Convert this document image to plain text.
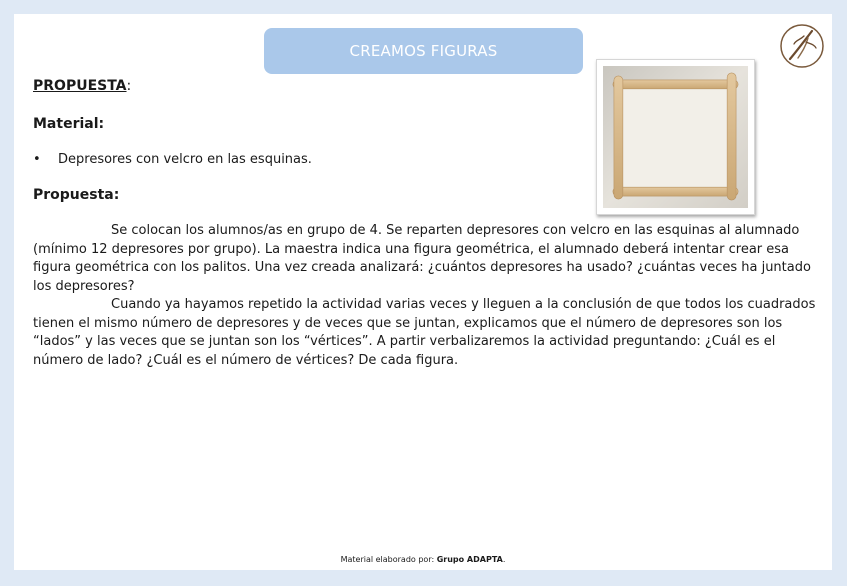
CREAMOS FIGURAS
PROPUESTA:
Material:
•	Depresores con velcro en las esquinas.
Propuesta:

Se colocan los alumnos/as en grupo de 4. Se reparten depresores con velcro en las esquinas al alumnado (mínimo 12 depresores por grupo). La maestra indica una figura geométrica, el alumnado deberá intentar crear esa figura geométrica con los palitos. Una vez creada analizará: ¿cuántos depresores ha usado? ¿cuántas veces ha juntado los depresores?

Cuando ya hayamos repetido la actividad varias veces y lleguen a la conclusión de que todos los cuadrados tienen el mismo número de depresores y de veces que se juntan, explicamos que el número de depresores son los “lados” y las veces que se juntan son los “vértices”. A partir verbalizaremos la actividad preguntando: ¿Cuál es el número de lado? ¿Cuál es el número de vértices? De cada figura.

Material elaborado por: Grupo ADAPTA.
